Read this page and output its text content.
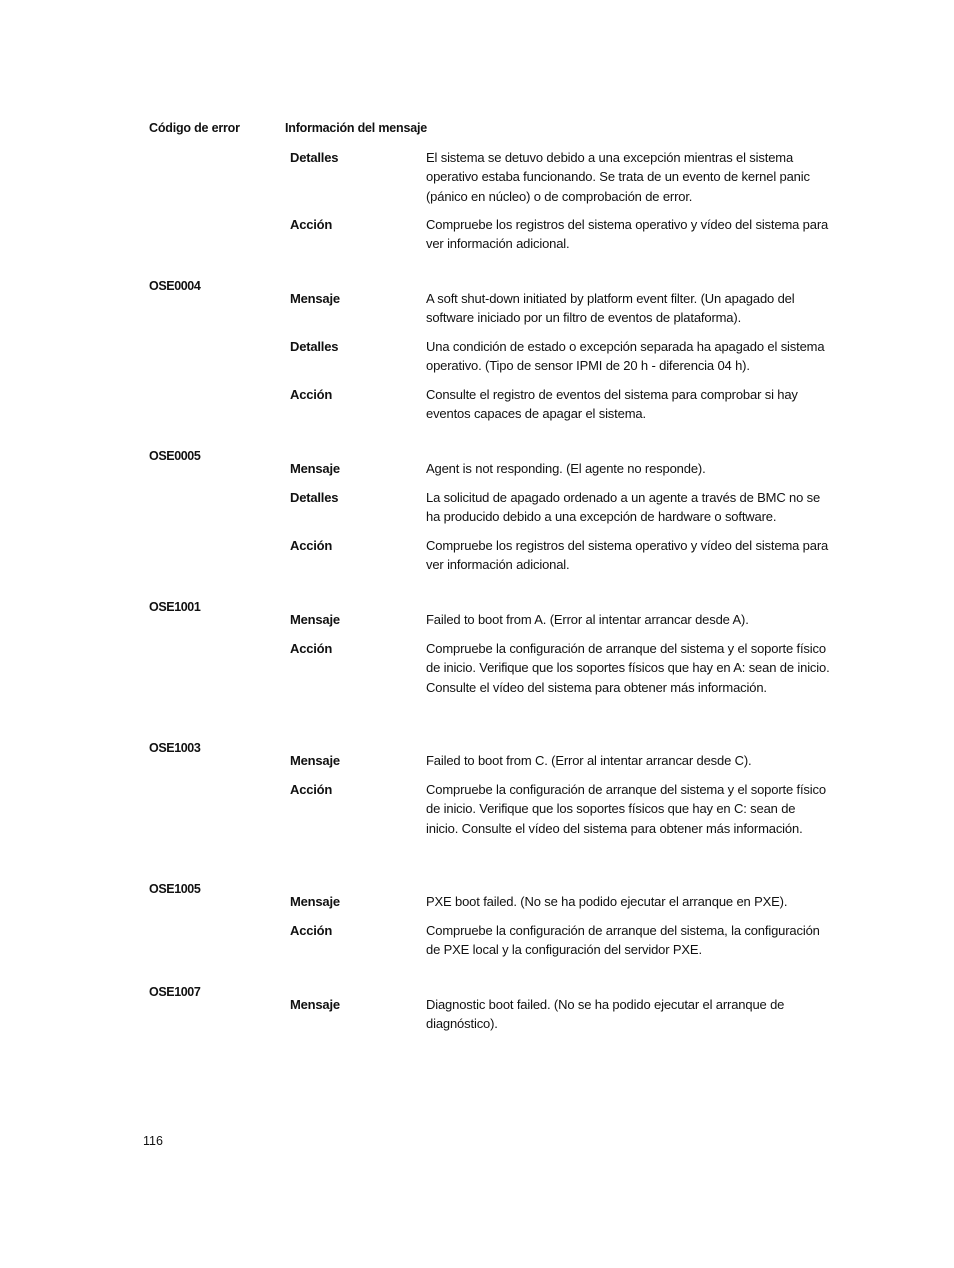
Código de error	Información del mensaje
Detalles	El sistema se detuvo debido a una excepción mientras el sistema operativo estaba funcionando. Se trata de un evento de kernel panic (pánico en núcleo) o de comprobación de error.
Acción	Compruebe los registros del sistema operativo y vídeo del sistema para ver información adicional.
OSE0004
Mensaje	A soft shut-down initiated by platform event filter. (Un apagado del software iniciado por un filtro de eventos de plataforma).
Detalles	Una condición de estado o excepción separada ha apagado el sistema operativo. (Tipo de sensor IPMI de 20 h - diferencia 04 h).
Acción	Consulte el registro de eventos del sistema para comprobar si hay eventos capaces de apagar el sistema.
OSE0005
Mensaje	Agent is not responding. (El agente no responde).
Detalles	La solicitud de apagado ordenado a un agente a través de BMC no se ha producido debido a una excepción de hardware o software.
Acción	Compruebe los registros del sistema operativo y vídeo del sistema para ver información adicional.
OSE1001
Mensaje	Failed to boot from A. (Error al intentar arrancar desde A).
Acción	Compruebe la configuración de arranque del sistema y el soporte físico de inicio. Verifique que los soportes físicos que hay en A: sean de inicio. Consulte el vídeo del sistema para obtener más información.
OSE1003
Mensaje	Failed to boot from C. (Error al intentar arrancar desde C).
Acción	Compruebe la configuración de arranque del sistema y el soporte físico de inicio. Verifique que los soportes físicos que hay en C: sean de inicio. Consulte el vídeo del sistema para obtener más información.
OSE1005
Mensaje	PXE boot failed. (No se ha podido ejecutar el arranque en PXE).
Acción	Compruebe la configuración de arranque del sistema, la configuración de PXE local y la configuración del servidor PXE.
OSE1007
Mensaje	Diagnostic boot failed. (No se ha podido ejecutar el arranque de diagnóstico).
116
